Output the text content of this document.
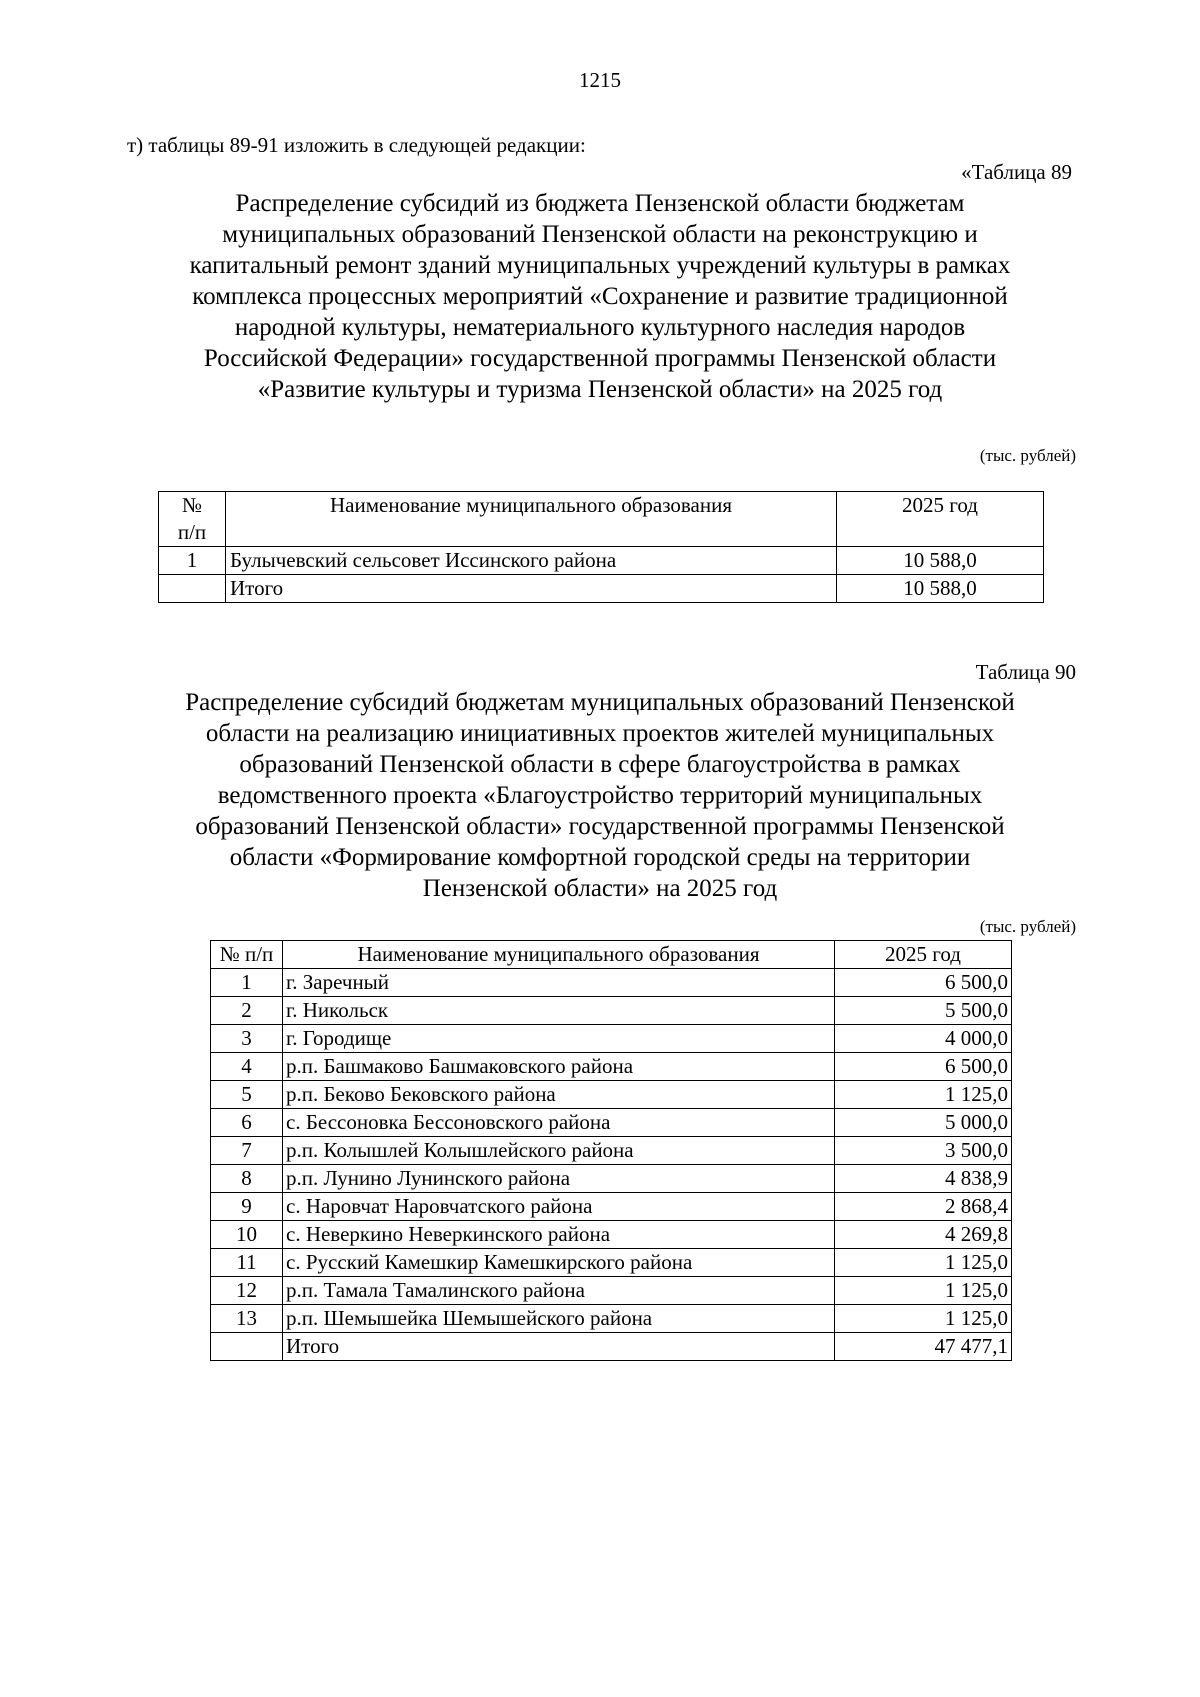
1215
т) таблицы 89-91 изложить в следующей редакции:
«Таблица 89
Распределение субсидий из бюджета Пензенской области бюджетам
муниципальных образований Пензенской области на реконструкцию и
капитальный ремонт зданий муниципальных учреждений культуры в рамках
комплекса процессных мероприятий «Сохранение и развитие традиционной
народной культуры, нематериального культурного наследия народов
Российской Федерации» государственной программы Пензенской области
«Развитие культуры и туризма Пензенской области» на 2025 год
(тыс. рублей)
№
п/п	Наименование муниципального образования	2025 год
1	Булычевский сельсовет Иссинского района	10 588,0
	Итого	10 588,0
Таблица 90
Распределение субсидий бюджетам муниципальных образований Пензенской
области на реализацию инициативных проектов жителей муниципальных
образований Пензенской области в сфере благоустройства в рамках
ведомственного проекта «Благоустройство территорий муниципальных
образований Пензенской области» государственной программы Пензенской
области «Формирование комфортной городской среды на территории
Пензенской области» на 2025 год
(тыс. рублей)
№ п/п	Наименование муниципального образования	2025 год
1	г. Заречный	6 500,0
2	г. Никольск	5 500,0
3	г. Городище	4 000,0
4	р.п. Башмаково Башмаковского района	6 500,0
5	р.п. Беково Бековского района	1 125,0
6	с. Бессоновка Бессоновского района	5 000,0
7	р.п. Колышлей Колышлейского района	3 500,0
8	р.п. Лунино Лунинского района	4 838,9
9	с. Наровчат Наровчатского района	2 868,4
10	с. Неверкино Неверкинского района	4 269,8
11	с. Русский Камешкир Камешкирского района	1 125,0
12	р.п. Тамала Тамалинского района	1 125,0
13	р.п. Шемышейка Шемышейского района	1 125,0
	Итого	47 477,1
